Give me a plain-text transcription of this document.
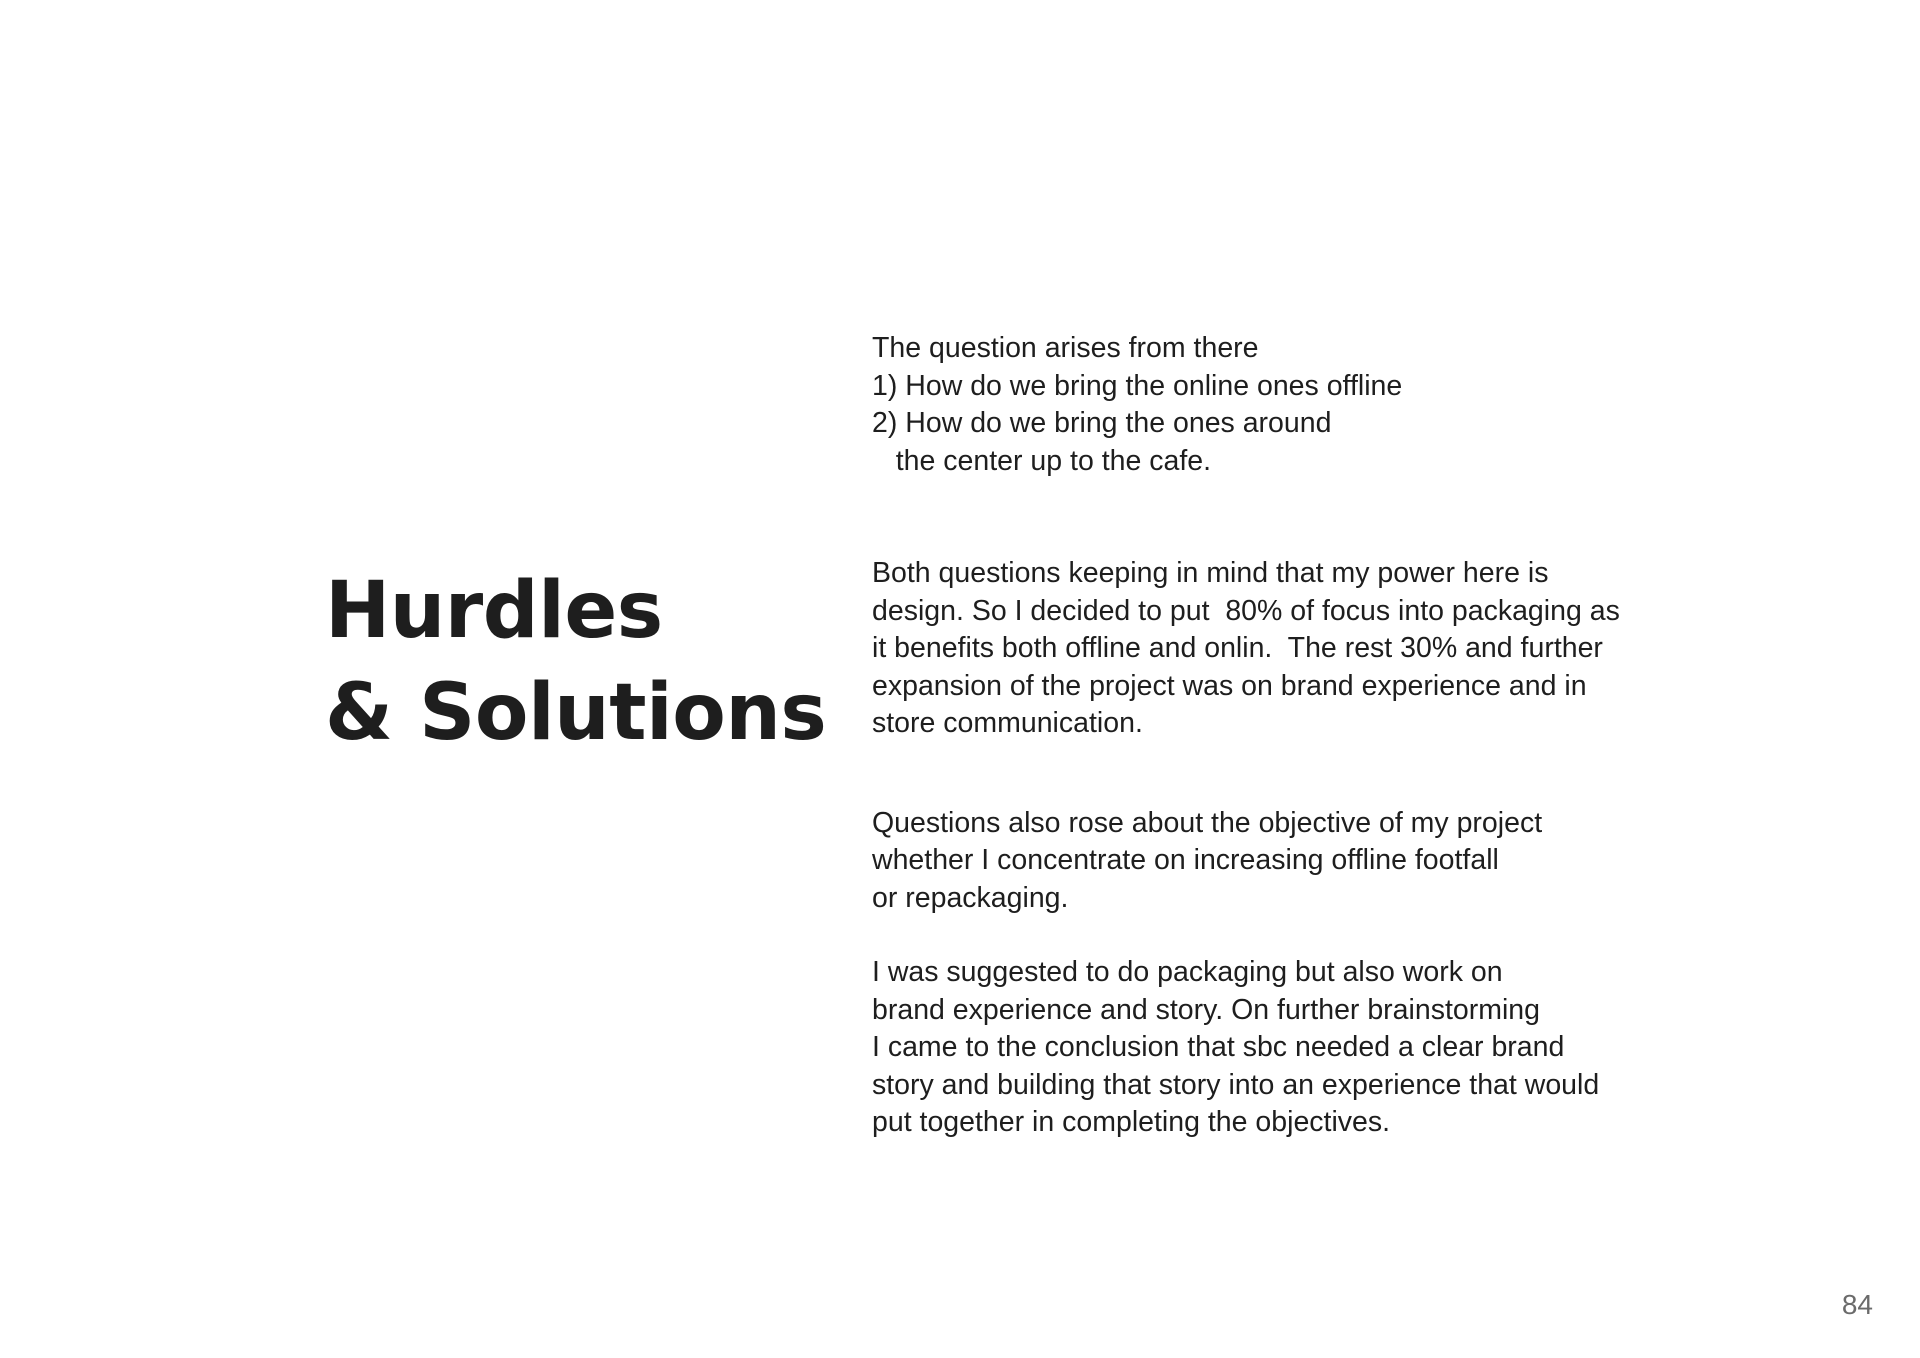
Hurdles
& Solutions

The question arises from there
1) How do we bring the online ones offline
2) How do we bring the ones around
the center up to the cafe.

Both questions keeping in mind that my power here is
design. So I decided to put  80% of focus into packaging as
it benefits both offline and onlin.  The rest 30% and further
expansion of the project was on brand experience and in
store communication.

Questions also rose about the objective of my project
whether I concentrate on increasing offline footfall
or repackaging.

I was suggested to do packaging but also work on
brand experience and story. On further brainstorming
I came to the conclusion that sbc needed a clear brand
story and building that story into an experience that would
put together in completing the objectives.

84
